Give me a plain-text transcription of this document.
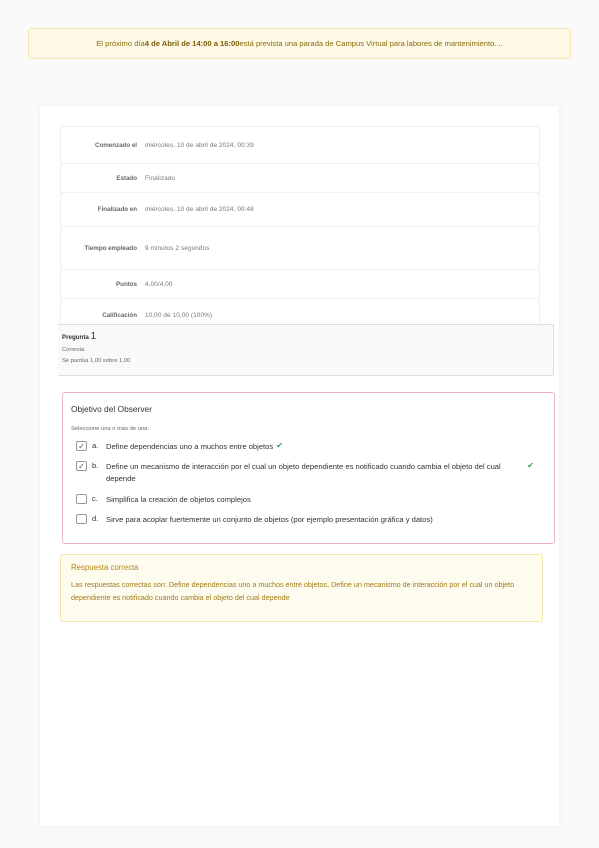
El próximo día 4 de Abril de 14:00 a 16:00 está prevista una parada de Campus Virtual para labores de mantenimiento....
Comenzado el	miércoles, 10 de abril de 2024, 00:39
Estado	Finalizado
Finalizado en	miércoles, 10 de abril de 2024, 00:48
Tiempo empleado	9 minutos 2 segundos
Puntos	4,00/4,00
Calificación	10,00 de 10,00 (100%)
Pregunta 1
Correcta
Se puntúa 1,00 sobre 1,00
Objetivo del Observer
Seleccione una o más de una:
✓ a.	Define dependencias uno a muchos entre objetos ✔
✓ b.	Define un mecanismo de interacción por el cual un objeto dependiente es notificado cuando cambia el objeto del cual depende
✔
c.	Simplifica la creación de objetos complejos
d.	Sirve para acoplar fuertemente un conjunto de objetos (por ejemplo presentación gráfica y datos)
Respuesta correcta
Las respuestas correctas son: Define dependencias uno a muchos entre objetos, Define un mecanismo de interacción por el cual un objeto dependiente es notificado cuando cambia el objeto del cual depende
